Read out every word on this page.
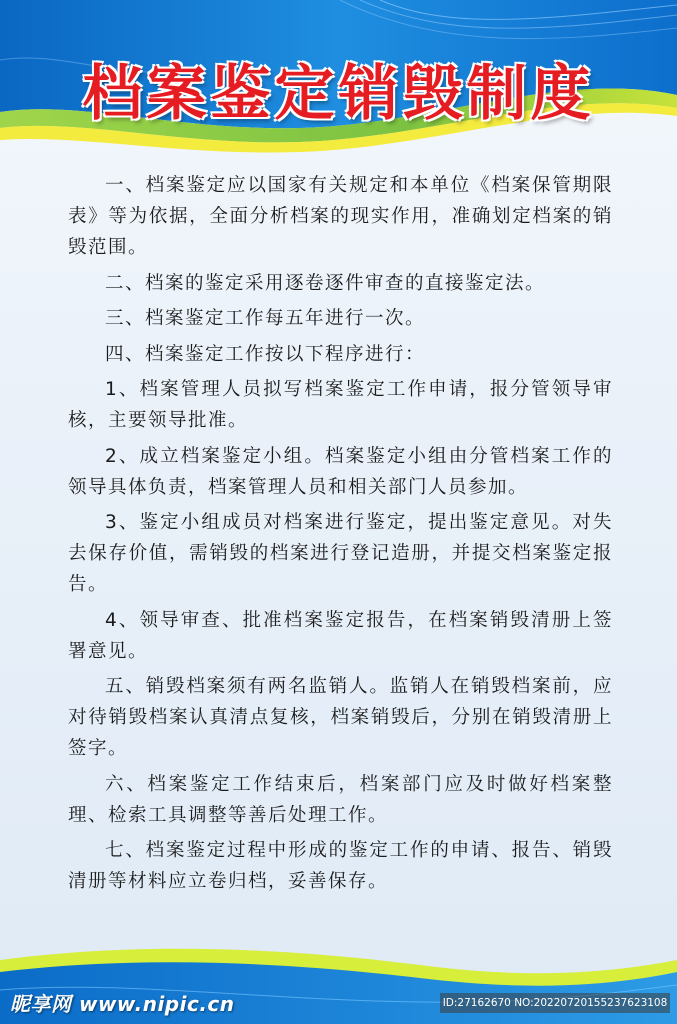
档案鉴定销毁制度

一、档案鉴定应以国家有关规定和本单位《档案保管期限表》等为依据，全面分析档案的现实作用，准确划定档案的销毁范围。

二、档案的鉴定采用逐卷逐件审查的直接鉴定法。

三、档案鉴定工作每五年进行一次。

四、档案鉴定工作按以下程序进行：

1、档案管理人员拟写档案鉴定工作申请，报分管领导审核，主要领导批准。

2、成立档案鉴定小组。档案鉴定小组由分管档案工作的领导具体负责，档案管理人员和相关部门人员参加。

3、鉴定小组成员对档案进行鉴定，提出鉴定意见。对失去保存价值，需销毁的档案进行登记造册，并提交档案鉴定报告。

4、领导审查、批准档案鉴定报告，在档案销毁清册上签署意见。

五、销毁档案须有两名监销人。监销人在销毁档案前，应对待销毁档案认真清点复核，档案销毁后，分别在销毁清册上签字。

六、档案鉴定工作结束后，档案部门应及时做好档案整理、检索工具调整等善后处理工作。

七、档案鉴定过程中形成的鉴定工作的申请、报告、销毁清册等材料应立卷归档，妥善保存。

昵享网 www.nipic.cn	ID:27162670 NO:20220720155237623108
